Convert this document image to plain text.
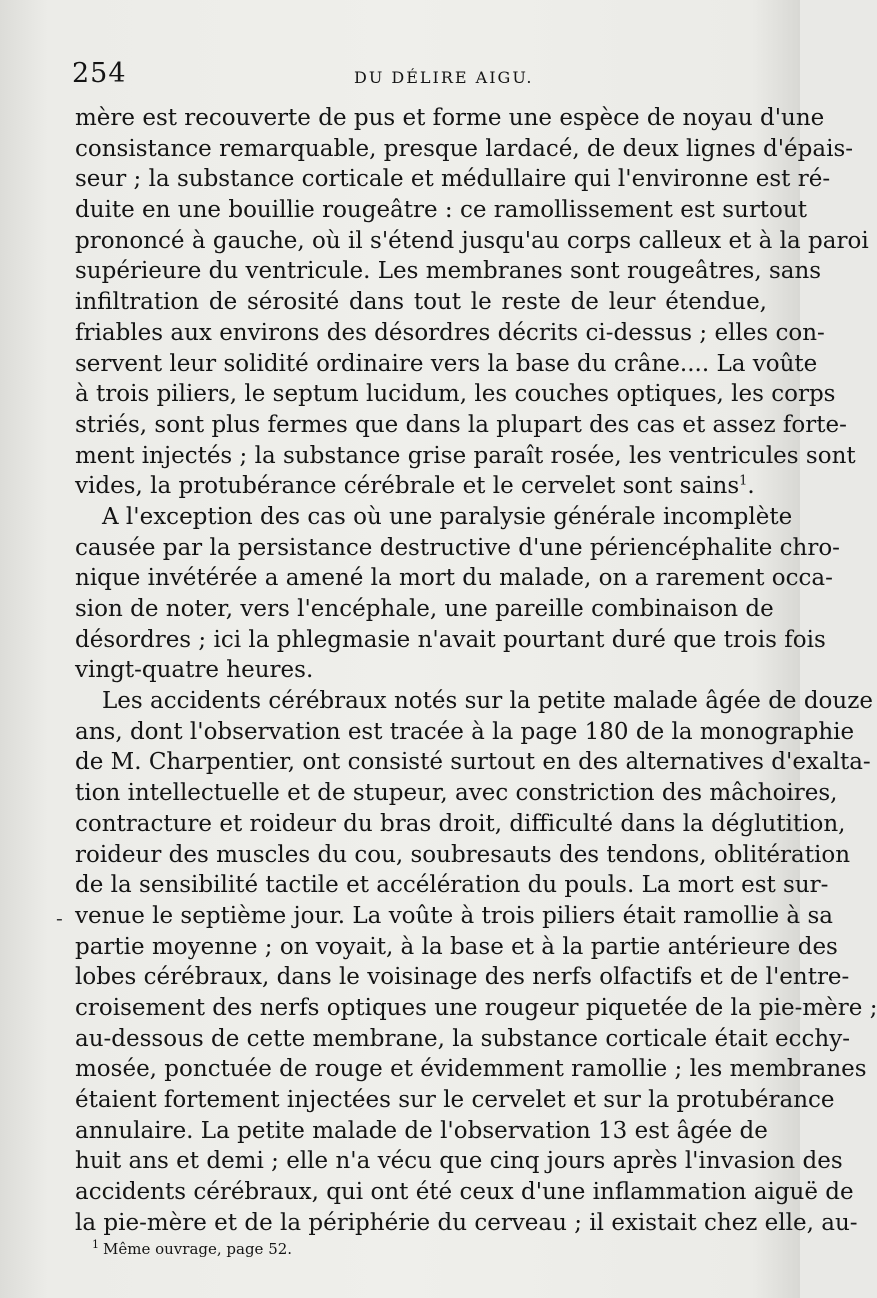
254	DU DÉLIRE AIGU.
-
mère est recouverte de pus et forme une espèce de noyau d'une
consistance remarquable, presque lardacé, de deux lignes d'épais-
seur ; la substance corticale et médullaire qui l'environne est ré-
duite en une bouillie rougeâtre : ce ramollissement est surtout
prononcé à gauche, où il s'étend jusqu'au corps calleux et à la paroi
supérieure du ventricule. Les membranes sont rougeâtres, sans
infiltration de sérosité dans tout le reste de leur étendue,
friables aux environs des désordres décrits ci-dessus ; elles con-
servent leur solidité ordinaire vers la base du crâne.... La voûte
à trois piliers, le septum lucidum, les couches optiques, les corps
striés, sont plus fermes que dans la plupart des cas et assez forte-
ment injectés ; la substance grise paraît rosée, les ventricules sont
vides, la protubérance cérébrale et le cervelet sont sains$^1$.
A l'exception des cas où une paralysie générale incomplète
causée par la persistance destructive d'une périencéphalite chro-
nique invétérée a amené la mort du malade, on a rarement occa-
sion de noter, vers l'encéphale, une pareille combinaison de
désordres ; ici la phlegmasie n'avait pourtant duré que trois fois
vingt-quatre heures.
Les accidents cérébraux notés sur la petite malade âgée de douze
ans, dont l'observation est tracée à la page 180 de la monographie
de M. Charpentier, ont consisté surtout en des alternatives d'exalta-
tion intellectuelle et de stupeur, avec constriction des mâchoires,
contracture et roideur du bras droit, difficulté dans la déglutition,
roideur des muscles du cou, soubresauts des tendons, oblitération
de la sensibilité tactile et accélération du pouls. La mort est sur-
venue le septième jour. La voûte à trois piliers était ramollie à sa
partie moyenne ; on voyait, à la base et à la partie antérieure des
lobes cérébraux, dans le voisinage des nerfs olfactifs et de l'entre-
croisement des nerfs optiques une rougeur piquetée de la pie-mère ;
au-dessous de cette membrane, la substance corticale était ecchy-
mosée, ponctuée de rouge et évidemment ramollie ; les membranes
étaient fortement injectées sur le cervelet et sur la protubérance
annulaire. La petite malade de l'observation 13 est âgée de
huit ans et demi ; elle n'a vécu que cinq jours après l'invasion des
accidents cérébraux, qui ont été ceux d'une inflammation aiguë de
la pie-mère et de la périphérie du cerveau ; il existait chez elle, au-
$^1$ Même ouvrage, page 52.
